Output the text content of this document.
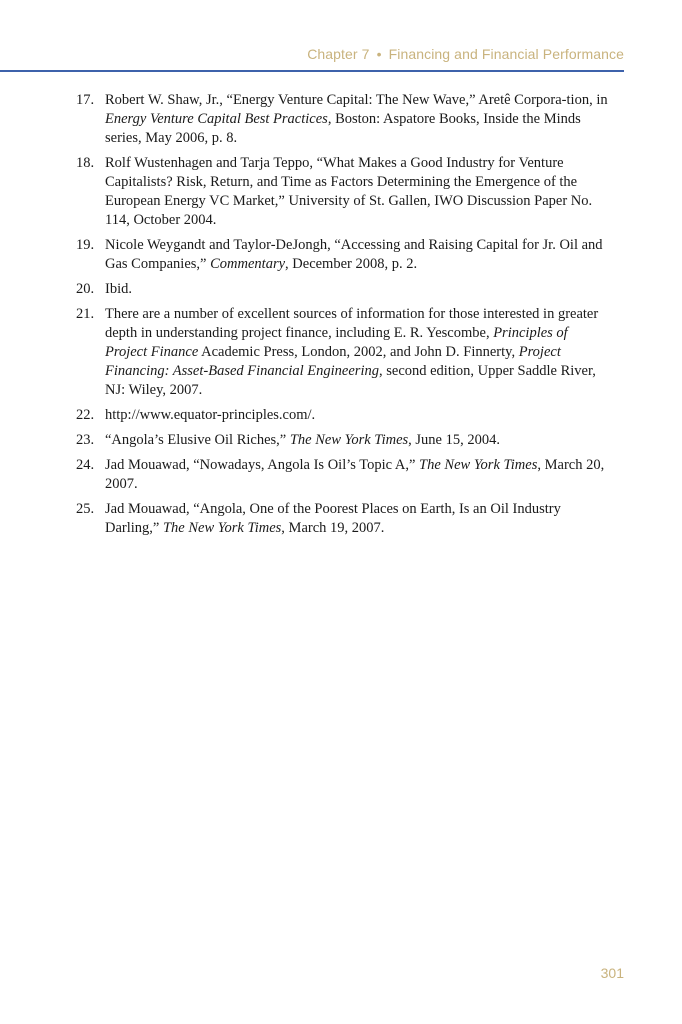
Chapter 7 • Financing and Financial Performance
17. Robert W. Shaw, Jr., “Energy Venture Capital: The New Wave,” Aretê Corpora-tion, in Energy Venture Capital Best Practices, Boston: Aspatore Books, Inside the Minds series, May 2006, p. 8.
18. Rolf Wustenhagen and Tarja Teppo, “What Makes a Good Industry for Venture Capitalists? Risk, Return, and Time as Factors Determining the Emergence of the European Energy VC Market,” University of St. Gallen, IWO Discussion Paper No. 114, October 2004.
19. Nicole Weygandt and Taylor-DeJongh, “Accessing and Raising Capital for Jr. Oil and Gas Companies,” Commentary, December 2008, p. 2.
20. Ibid.
21. There are a number of excellent sources of information for those interested in greater depth in understanding project finance, including E. R. Yescombe, Principles of Project Finance Academic Press, London, 2002, and John D. Finnerty, Project Financing: Asset-Based Financial Engineering, second edition, Upper Saddle River, NJ: Wiley, 2007.
22. http://www.equator-principles.com/.
23. “Angola’s Elusive Oil Riches,” The New York Times, June 15, 2004.
24. Jad Mouawad, “Nowadays, Angola Is Oil’s Topic A,” The New York Times, March 20, 2007.
25. Jad Mouawad, “Angola, One of the Poorest Places on Earth, Is an Oil Industry Darling,” The New York Times, March 19, 2007.
301
